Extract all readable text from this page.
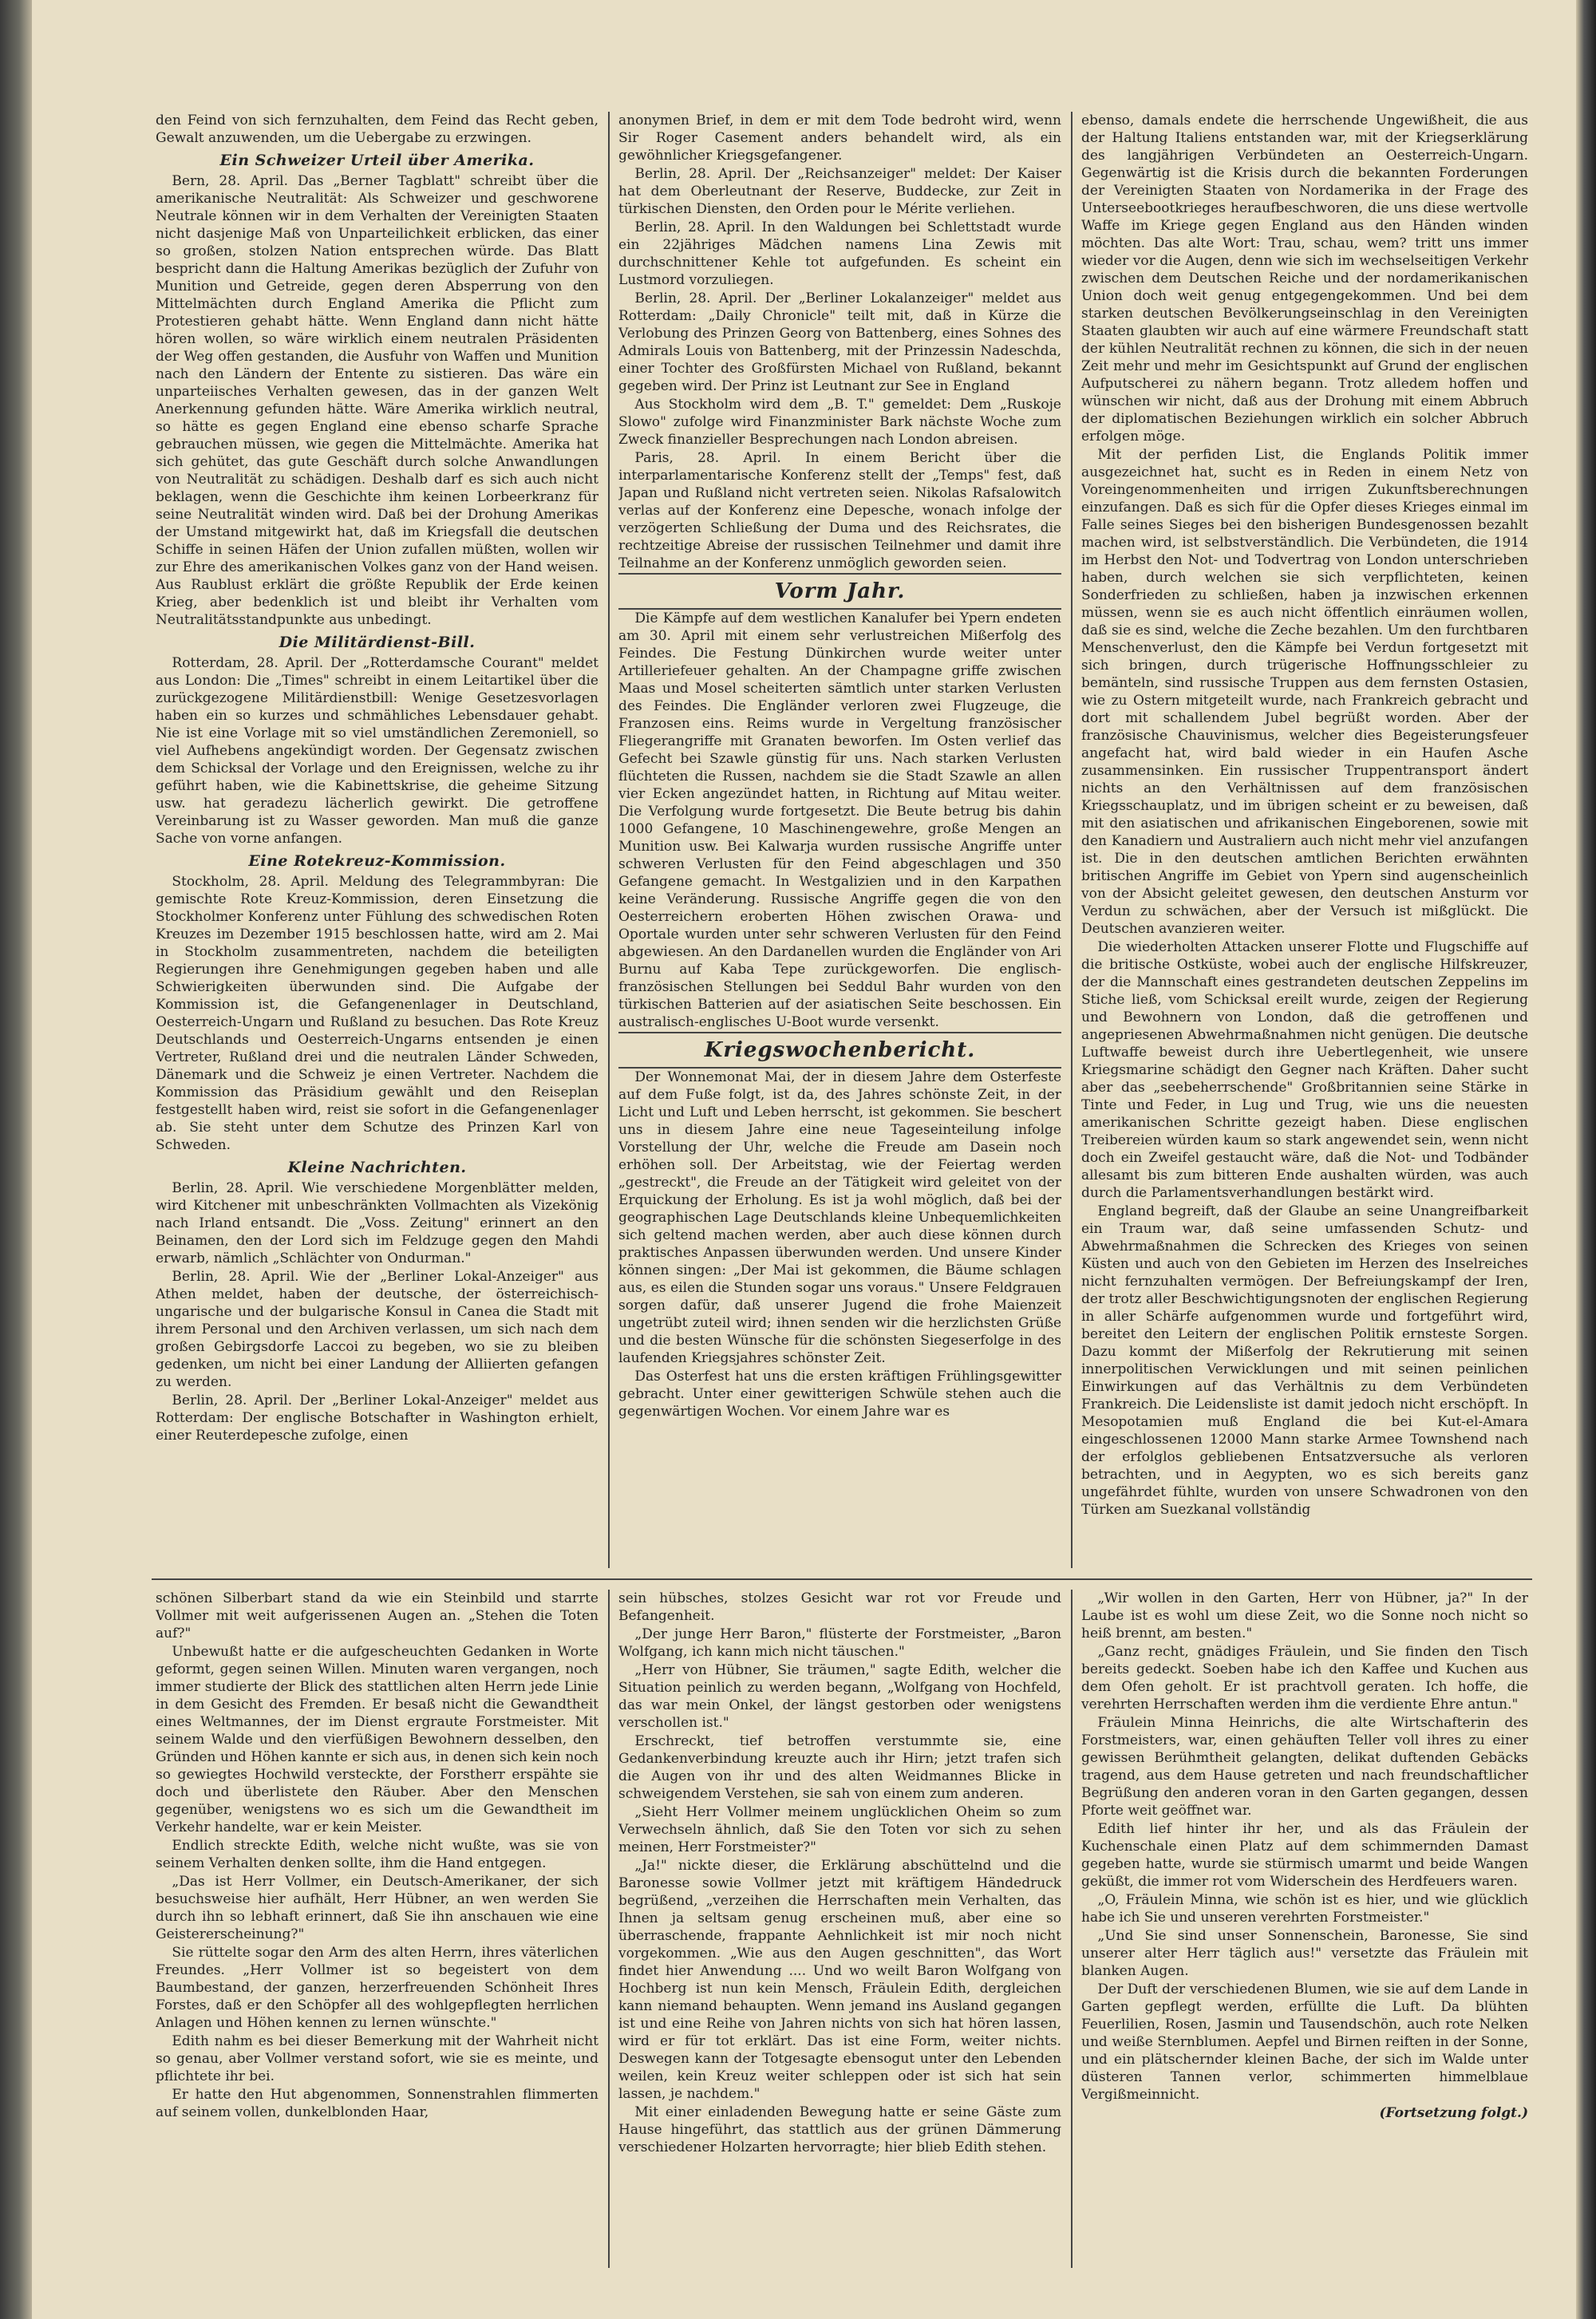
den Feind von sich fernzuhalten, dem Feind das Recht geben, Gewalt anzuwenden, um die Uebergabe zu erzwingen.

Ein Schweizer Urteil über Amerika.

Bern, 28. April. Das „Berner Tagblatt" schreibt über die amerikanische Neutralität: Als Schweizer und geschworene Neutrale können wir in dem Verhalten der Vereinigten Staaten nicht dasjenige Maß von Unparteilichkeit erblicken, das einer so großen, stolzen Nation entsprechen würde. Das Blatt bespricht dann die Haltung Amerikas bezüglich der Zufuhr von Munition und Getreide, gegen deren Absperrung von den Mittelmächten durch England Amerika die Pflicht zum Protestieren gehabt hätte. Wenn England dann nicht hätte hören wollen, so wäre wirklich einem neutralen Präsidenten der Weg offen gestanden, die Ausfuhr von Waffen und Munition nach den Ländern der Entente zu sistieren. Das wäre ein unparteiisches Verhalten gewesen, das in der ganzen Welt Anerkennung gefunden hätte. Wäre Amerika wirklich neutral, so hätte es gegen England eine ebenso scharfe Sprache gebrauchen müssen, wie gegen die Mittelmächte. Amerika hat sich gehütet, das gute Geschäft durch solche Anwandlungen von Neutralität zu schädigen. Deshalb darf es sich auch nicht beklagen, wenn die Geschichte ihm keinen Lorbeerkranz für seine Neutralität winden wird. Daß bei der Drohung Amerikas der Umstand mitgewirkt hat, daß im Kriegsfall die deutschen Schiffe in seinen Häfen der Union zufallen müßten, wollen wir zur Ehre des amerikanischen Volkes ganz von der Hand weisen. Aus Raublust erklärt die größte Republik der Erde keinen Krieg, aber bedenklich ist und bleibt ihr Verhalten vom Neutralitätsstandpunkte aus unbedingt.

Die Militärdienst-Bill.

Rotterdam, 28. April. Der „Rotterdamsche Courant" meldet aus London: Die „Times" schreibt in einem Leitartikel über die zurückgezogene Militärdienstbill: Wenige Gesetzesvorlagen haben ein so kurzes und schmähliches Lebensdauer gehabt. Nie ist eine Vorlage mit so viel umständlichen Zeremoniell, so viel Aufhebens angekündigt worden. Der Gegensatz zwischen dem Schicksal der Vorlage und den Ereignissen, welche zu ihr geführt haben, wie die Kabinettskrise, die geheime Sitzung usw. hat geradezu lächerlich gewirkt. Die getroffene Vereinbarung ist zu Wasser geworden. Man muß die ganze Sache von vorne anfangen.

Eine Rotekreuz-Kommission.

Stockholm, 28. April. Meldung des Telegrammbyran: Die gemischte Rote Kreuz-Kommission, deren Einsetzung die Stockholmer Konferenz unter Fühlung des schwedischen Roten Kreuzes im Dezember 1915 beschlossen hatte, wird am 2. Mai in Stockholm zusammentreten, nachdem die beteiligten Regierungen ihre Genehmigungen gegeben haben und alle Schwierigkeiten überwunden sind. Die Aufgabe der Kommission ist, die Gefangenenlager in Deutschland, Oesterreich-Ungarn und Rußland zu besuchen. Das Rote Kreuz Deutschlands und Oesterreich-Ungarns entsenden je einen Vertreter, Rußland drei und die neutralen Länder Schweden, Dänemark und die Schweiz je einen Vertreter. Nachdem die Kommission das Präsidium gewählt und den Reiseplan festgestellt haben wird, reist sie sofort in die Gefangenenlager ab. Sie steht unter dem Schutze des Prinzen Karl von Schweden.

Kleine Nachrichten.

Berlin, 28. April. Wie verschiedene Morgenblätter melden, wird Kitchener mit unbeschränkten Vollmachten als Vizekönig nach Irland entsandt. Die „Voss. Zeitung" erinnert an den Beinamen, den der Lord sich im Feldzuge gegen den Mahdi erwarb, nämlich „Schlächter von Ondurman."

Berlin, 28. April. Wie der „Berliner Lokal-Anzeiger" aus Athen meldet, haben der deutsche, der österreichisch-ungarische und der bulgarische Konsul in Canea die Stadt mit ihrem Personal und den Archiven verlassen, um sich nach dem großen Gebirgsdorfe Laccoi zu begeben, wo sie zu bleiben gedenken, um nicht bei einer Landung der Alliierten gefangen zu werden.

Berlin, 28. April. Der „Berliner Lokal-Anzeiger" meldet aus Rotterdam: Der englische Botschafter in Washington erhielt, einer Reuterdepesche zufolge, einen

anonymen Brief, in dem er mit dem Tode bedroht wird, wenn Sir Roger Casement anders behandelt wird, als ein gewöhnlicher Kriegsgefangener.

Berlin, 28. April. Der „Reichsanzeiger" meldet: Der Kaiser hat dem Oberleutnant der Reserve, Buddecke, zur Zeit in türkischen Diensten, den Orden pour le Mérite verliehen.

Berlin, 28. April. In den Waldungen bei Schlettstadt wurde ein 22jähriges Mädchen namens Lina Zewis mit durchschnittener Kehle tot aufgefunden. Es scheint ein Lustmord vorzuliegen.

Berlin, 28. April. Der „Berliner Lokalanzeiger" meldet aus Rotterdam: „Daily Chronicle" teilt mit, daß in Kürze die Verlobung des Prinzen Georg von Battenberg, eines Sohnes des Admirals Louis von Battenberg, mit der Prinzessin Nadeschda, einer Tochter des Großfürsten Michael von Rußland, bekannt gegeben wird. Der Prinz ist Leutnant zur See in England

Aus Stockholm wird dem „B. T." gemeldet: Dem „Ruskoje Slowo" zufolge wird Finanzminister Bark nächste Woche zum Zweck finanzieller Besprechungen nach London abreisen.

Paris, 28. April. In einem Bericht über die interparlamentarische Konferenz stellt der „Temps" fest, daß Japan und Rußland nicht vertreten seien. Nikolas Rafsalowitch verlas auf der Konferenz eine Depesche, wonach infolge der verzögerten Schließung der Duma und des Reichsrates, die rechtzeitige Abreise der russischen Teilnehmer und damit ihre Teilnahme an der Konferenz unmöglich geworden seien.

Vorm Jahr.

Die Kämpfe auf dem westlichen Kanalufer bei Ypern endeten am 30. April mit einem sehr verlustreichen Mißerfolg des Feindes. Die Festung Dünkirchen wurde weiter unter Artilleriefeuer gehalten. An der Champagne griffe zwischen Maas und Mosel scheiterten sämtlich unter starken Verlusten des Feindes. Die Engländer verloren zwei Flugzeuge, die Franzosen eins. Reims wurde in Vergeltung französischer Fliegerangriffe mit Granaten beworfen. Im Osten verlief das Gefecht bei Szawle günstig für uns. Nach starken Verlusten flüchteten die Russen, nachdem sie die Stadt Szawle an allen vier Ecken angezündet hatten, in Richtung auf Mitau weiter. Die Verfolgung wurde fortgesetzt. Die Beute betrug bis dahin 1000 Gefangene, 10 Maschinengewehre, große Mengen an Munition usw. Bei Kalwarja wurden russische Angriffe unter schweren Verlusten für den Feind abgeschlagen und 350 Gefangene gemacht. In Westgalizien und in den Karpathen keine Veränderung. Russische Angriffe gegen die von den Oesterreichern eroberten Höhen zwischen Orawa- und Oportale wurden unter sehr schweren Verlusten für den Feind abgewiesen. An den Dardanellen wurden die Engländer von Ari Burnu auf Kaba Tepe zurückgeworfen. Die englisch-französischen Stellungen bei Seddul Bahr wurden von den türkischen Batterien auf der asiatischen Seite beschossen. Ein australisch-englisches U-Boot wurde versenkt.

Kriegswochenbericht.

Der Wonnemonat Mai, der in diesem Jahre dem Osterfeste auf dem Fuße folgt, ist da, des Jahres schönste Zeit, in der Licht und Luft und Leben herrscht, ist gekommen. Sie beschert uns in diesem Jahre eine neue Tageseinteilung infolge Vorstellung der Uhr, welche die Freude am Dasein noch erhöhen soll. Der Arbeitstag, wie der Feiertag werden „gestreckt", die Freude an der Tätigkeit wird geleitet von der Erquickung der Erholung. Es ist ja wohl möglich, daß bei der geographischen Lage Deutschlands kleine Unbequemlichkeiten sich geltend machen werden, aber auch diese können durch praktisches Anpassen überwunden werden. Und unsere Kinder können singen: „Der Mai ist gekommen, die Bäume schlagen aus, es eilen die Stunden sogar uns voraus." Unsere Feldgrauen sorgen dafür, daß unserer Jugend die frohe Maienzeit ungetrübt zuteil wird; ihnen senden wir die herzlichsten Grüße und die besten Wünsche für die schönsten Siegeserfolge in des laufenden Kriegsjahres schönster Zeit.

Das Osterfest hat uns die ersten kräftigen Frühlingsgewitter gebracht. Unter einer gewitterigen Schwüle stehen auch die gegenwärtigen Wochen. Vor einem Jahre war es

ebenso, damals endete die herrschende Ungewißheit, die aus der Haltung Italiens entstanden war, mit der Kriegserklärung des langjährigen Verbündeten an Oesterreich-Ungarn. Gegenwärtig ist die Krisis durch die bekannten Forderungen der Vereinigten Staaten von Nordamerika in der Frage des Unterseebootkrieges heraufbeschworen, die uns diese wertvolle Waffe im Kriege gegen England aus den Händen winden möchten. Das alte Wort: Trau, schau, wem? tritt uns immer wieder vor die Augen, denn wie sich im wechselseitigen Verkehr zwischen dem Deutschen Reiche und der nordamerikanischen Union doch weit genug entgegengekommen. Und bei dem starken deutschen Bevölkerungseinschlag in den Vereinigten Staaten glaubten wir auch auf eine wärmere Freundschaft statt der kühlen Neutralität rechnen zu können, die sich in der neuen Zeit mehr und mehr im Gesichtspunkt auf Grund der englischen Aufputscherei zu nähern begann. Trotz alledem hoffen und wünschen wir nicht, daß aus der Drohung mit einem Abbruch der diplomatischen Beziehungen wirklich ein solcher Abbruch erfolgen möge.

Mit der perfiden List, die Englands Politik immer ausgezeichnet hat, sucht es in Reden in einem Netz von Voreingenommenheiten und irrigen Zukunftsberechnungen einzufangen. Daß es sich für die Opfer dieses Krieges einmal im Falle seines Sieges bei den bisherigen Bundesgenossen bezahlt machen wird, ist selbstverständlich. Die Verbündeten, die 1914 im Herbst den Not- und Todvertrag von London unterschrieben haben, durch welchen sie sich verpflichteten, keinen Sonderfrieden zu schließen, haben ja inzwischen erkennen müssen, wenn sie es auch nicht öffentlich einräumen wollen, daß sie es sind, welche die Zeche bezahlen. Um den furchtbaren Menschenverlust, den die Kämpfe bei Verdun fortgesetzt mit sich bringen, durch trügerische Hoffnungsschleier zu bemänteln, sind russische Truppen aus dem fernsten Ostasien, wie zu Ostern mitgeteilt wurde, nach Frankreich gebracht und dort mit schallendem Jubel begrüßt worden. Aber der französische Chauvinismus, welcher dies Begeisterungsfeuer angefacht hat, wird bald wieder in ein Haufen Asche zusammensinken. Ein russischer Truppentransport ändert nichts an den Verhältnissen auf dem französischen Kriegsschauplatz, und im übrigen scheint er zu beweisen, daß mit den asiatischen und afrikanischen Eingeborenen, sowie mit den Kanadiern und Australiern auch nicht mehr viel anzufangen ist. Die in den deutschen amtlichen Berichten erwähnten britischen Angriffe im Gebiet von Ypern sind augenscheinlich von der Absicht geleitet gewesen, den deutschen Ansturm vor Verdun zu schwächen, aber der Versuch ist mißglückt. Die Deutschen avanzieren weiter.

Die wiederholten Attacken unserer Flotte und Flugschiffe auf die britische Ostküste, wobei auch der englische Hilfskreuzer, der die Mannschaft eines gestrandeten deutschen Zeppelins im Stiche ließ, vom Schicksal ereilt wurde, zeigen der Regierung und Bewohnern von London, daß die getroffenen und angepriesenen Abwehrmaßnahmen nicht genügen. Die deutsche Luftwaffe beweist durch ihre Uebertlegenheit, wie unsere Kriegsmarine schädigt den Gegner nach Kräften. Daher sucht aber das „seebeherrschende" Großbritannien seine Stärke in Tinte und Feder, in Lug und Trug, wie uns die neuesten amerikanischen Schritte gezeigt haben. Diese englischen Treibereien würden kaum so stark angewendet sein, wenn nicht doch ein Zweifel gestaucht wäre, daß die Not- und Todbänder allesamt bis zum bitteren Ende aushalten würden, was auch durch die Parlamentsverhandlungen bestärkt wird.

England begreift, daß der Glaube an seine Unangreifbarkeit ein Traum war, daß seine umfassenden Schutz- und Abwehrmaßnahmen die Schrecken des Krieges von seinen Küsten und auch von den Gebieten im Herzen des Inselreiches nicht fernzuhalten vermögen. Der Befreiungskampf der Iren, der trotz aller Beschwichtigungsnoten der englischen Regierung in aller Schärfe aufgenommen wurde und fortgeführt wird, bereitet den Leitern der englischen Politik ernsteste Sorgen. Dazu kommt der Mißerfolg der Rekrutierung mit seinen innerpolitischen Verwicklungen und mit seinen peinlichen Einwirkungen auf das Verhältnis zu dem Verbündeten Frankreich. Die Leidensliste ist damit jedoch nicht erschöpft. In Mesopotamien muß England die bei Kut-el-Amara eingeschlossenen 12000 Mann starke Armee Townshend nach der erfolglos gebliebenen Entsatzversuche als verloren betrachten, und in Aegypten, wo es sich bereits ganz ungefährdet fühlte, wurden von unsere Schwadronen von den Türken am Suezkanal vollständig

schönen Silberbart stand da wie ein Steinbild und starrte Vollmer mit weit aufgerissenen Augen an. „Stehen die Toten auf?"

Unbewußt hatte er die aufgescheuchten Gedanken in Worte geformt, gegen seinen Willen. Minuten waren vergangen, noch immer studierte der Blick des stattlichen alten Herrn jede Linie in dem Gesicht des Fremden. Er besaß nicht die Gewandtheit eines Weltmannes, der im Dienst ergraute Forstmeister. Mit seinem Walde und den vierfüßigen Bewohnern desselben, den Gründen und Höhen kannte er sich aus, in denen sich kein noch so gewiegtes Hochwild versteckte, der Forstherr erspähte sie doch und überlistete den Räuber. Aber den Menschen gegenüber, wenigstens wo es sich um die Gewandtheit im Verkehr handelte, war er kein Meister.

Endlich streckte Edith, welche nicht wußte, was sie von seinem Verhalten denken sollte, ihm die Hand entgegen.

„Das ist Herr Vollmer, ein Deutsch-Amerikaner, der sich besuchsweise hier aufhält, Herr Hübner, an wen werden Sie durch ihn so lebhaft erinnert, daß Sie ihn anschauen wie eine Geistererscheinung?"

Sie rüttelte sogar den Arm des alten Herrn, ihres väterlichen Freundes. „Herr Vollmer ist so begeistert von dem Baumbestand, der ganzen, herzerfreuenden Schönheit Ihres Forstes, daß er den Schöpfer all des wohlgepflegten herrlichen Anlagen und Höhen kennen zu lernen wünschte."

Edith nahm es bei dieser Bemerkung mit der Wahrheit nicht so genau, aber Vollmer verstand sofort, wie sie es meinte, und pflichtete ihr bei.

Er hatte den Hut abgenommen, Sonnenstrahlen flimmerten auf seinem vollen, dunkelblonden Haar,

sein hübsches, stolzes Gesicht war rot vor Freude und Befangenheit.

„Der junge Herr Baron," flüsterte der Forstmeister, „Baron Wolfgang, ich kann mich nicht täuschen."

„Herr von Hübner, Sie träumen," sagte Edith, welcher die Situation peinlich zu werden begann, „Wolfgang von Hochfeld, das war mein Onkel, der längst gestorben oder wenigstens verschollen ist."

Erschreckt, tief betroffen verstummte sie, eine Gedankenverbindung kreuzte auch ihr Hirn; jetzt trafen sich die Augen von ihr und des alten Weidmannes Blicke in schweigendem Verstehen, sie sah von einem zum anderen.

„Sieht Herr Vollmer meinem unglücklichen Oheim so zum Verwechseln ähnlich, daß Sie den Toten vor sich zu sehen meinen, Herr Forstmeister?"

„Ja!" nickte dieser, die Erklärung abschüttelnd und die Baronesse sowie Vollmer jetzt mit kräftigem Händedruck begrüßend, „verzeihen die Herrschaften mein Verhalten, das Ihnen ja seltsam genug erscheinen muß, aber eine so überraschende, frappante Aehnlichkeit ist mir noch nicht vorgekommen. „Wie aus den Augen geschnitten", das Wort findet hier Anwendung .... Und wo weilt Baron Wolfgang von Hochberg ist nun kein Mensch, Fräulein Edith, dergleichen kann niemand behaupten. Wenn jemand ins Ausland gegangen ist und eine Reihe von Jahren nichts von sich hat hören lassen, wird er für tot erklärt. Das ist eine Form, weiter nichts. Deswegen kann der Totgesagte ebensogut unter den Lebenden weilen, kein Kreuz weiter schleppen oder ist sich hat sein lassen, je nachdem."

Mit einer einladenden Bewegung hatte er seine Gäste zum Hause hingeführt, das stattlich aus der grünen Dämmerung verschiedener Holzarten hervorragte; hier blieb Edith stehen.

„Wir wollen in den Garten, Herr von Hübner, ja?" In der Laube ist es wohl um diese Zeit, wo die Sonne noch nicht so heiß brennt, am besten."

„Ganz recht, gnädiges Fräulein, und Sie finden den Tisch bereits gedeckt. Soeben habe ich den Kaffee und Kuchen aus dem Ofen geholt. Er ist prachtvoll geraten. Ich hoffe, die verehrten Herrschaften werden ihm die verdiente Ehre antun."

Fräulein Minna Heinrichs, die alte Wirtschafterin des Forstmeisters, war, einen gehäuften Teller voll ihres zu einer gewissen Berühmtheit gelangten, delikat duftenden Gebäcks tragend, aus dem Hause getreten und nach freundschaftlicher Begrüßung den anderen voran in den Garten gegangen, dessen Pforte weit geöffnet war.

Edith lief hinter ihr her, und als das Fräulein der Kuchenschale einen Platz auf dem schimmernden Damast gegeben hatte, wurde sie stürmisch umarmt und beide Wangen geküßt, die immer rot vom Widerschein des Herdfeuers waren.

„O, Fräulein Minna, wie schön ist es hier, und wie glücklich habe ich Sie und unseren verehrten Forstmeister."

„Und Sie sind unser Sonnenschein, Baronesse, Sie sind unserer alter Herr täglich aus!" versetzte das Fräulein mit blanken Augen.

Der Duft der verschiedenen Blumen, wie sie auf dem Lande in Garten gepflegt werden, erfüllte die Luft. Da blühten Feuerlilien, Rosen, Jasmin und Tausendschön, auch rote Nelken und weiße Sternblumen. Aepfel und Birnen reiften in der Sonne, und ein plätschernder kleinen Bache, der sich im Walde unter düsteren Tannen verlor, schimmerten himmelblaue Vergißmeinnicht.

(Fortsetzung folgt.)
